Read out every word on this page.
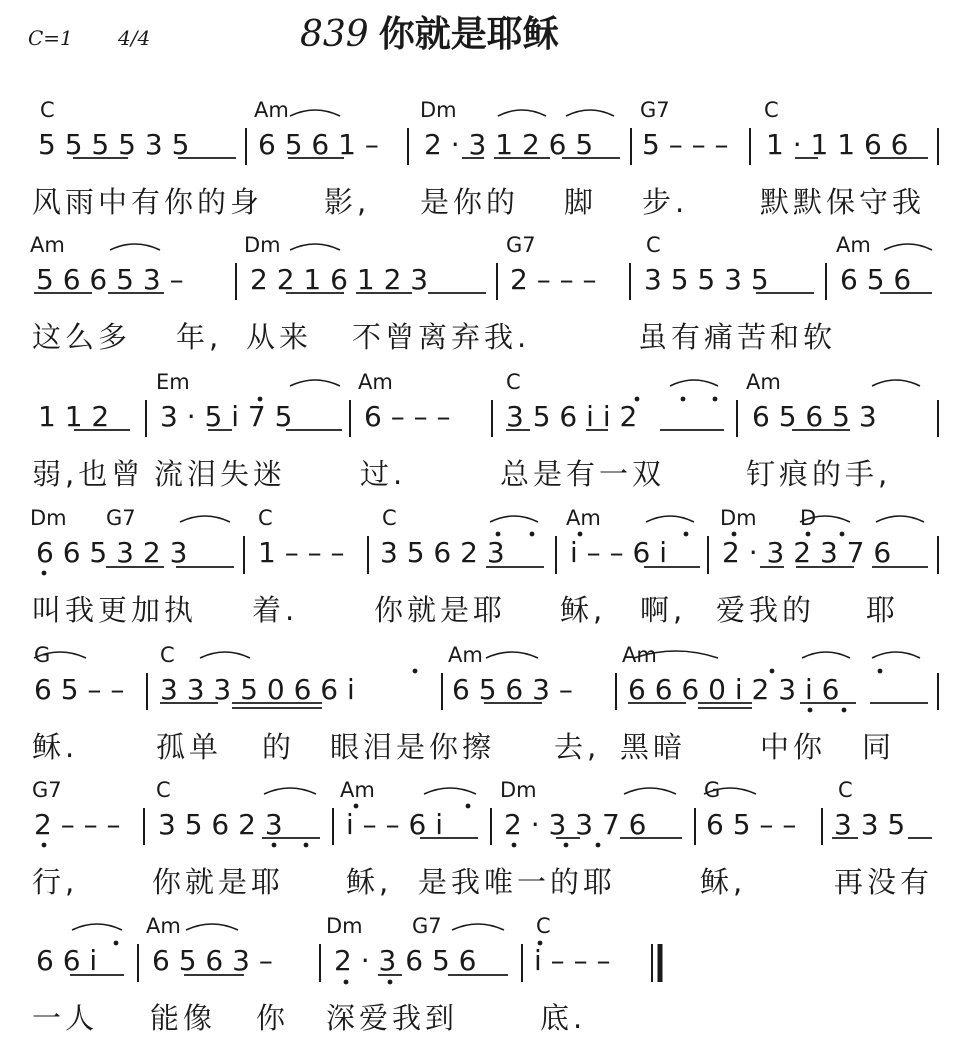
C=1 4/4	839 你就是耶稣
C	Am	Dm	G7	C
5 5 5 5 3 5 6 5 6 1 – 2 · 3 1 2 6 5 5 – – – 1 · 1 1 6 6
风雨中有你的身 影, 是你的 脚 步. 默默保守我
Am	Dm	G7	C	Am
5 6 6 5 3 – 2 2 1 6 1 2 3	2 – – – 3 5 5 3 5	6 5 6
这么多 年, 从来 不曾离弃我.	虽有痛苦和软
Em	Am	C	Am
1 1 2 3 · 5 i 7 5	6 – – – 3 5 6 i i 2	6 5 6 5 3
弱,也曾 流泪失迷	过.	总是有一双	钉痕的手,
Dm G7	C	C	Am	Dm D
6 6 5 3 2 3	1 – – – 3 5 6 2 3 i – – 6 i 2 · 3 2 3 7 6
叫我更加执 着.	你就是耶 稣, 啊, 爱我的 耶
G	C	Am	Am
6 5 – – 3 3 3 5 0 6 6 i	6 5 6 3 – 6 6 6 0 i 2 3 i 6
稣.	孤单 的 眼泪是你擦 去, 黑暗	中你 同
G7	C	Am	Dm	G	C
2 – – – 3 5 6 2 3 i – – 6 i 2 · 3 3 7 6 6 5 – – 3 3 5
行,	你就是耶 稣, 是我唯一的耶	稣,	再没有
Am	Dm G7	C
6 6 i 6 5 6 3 – 2 · 3 6 5 6 i – – –
一人 能像 你 深爱我到	底.
